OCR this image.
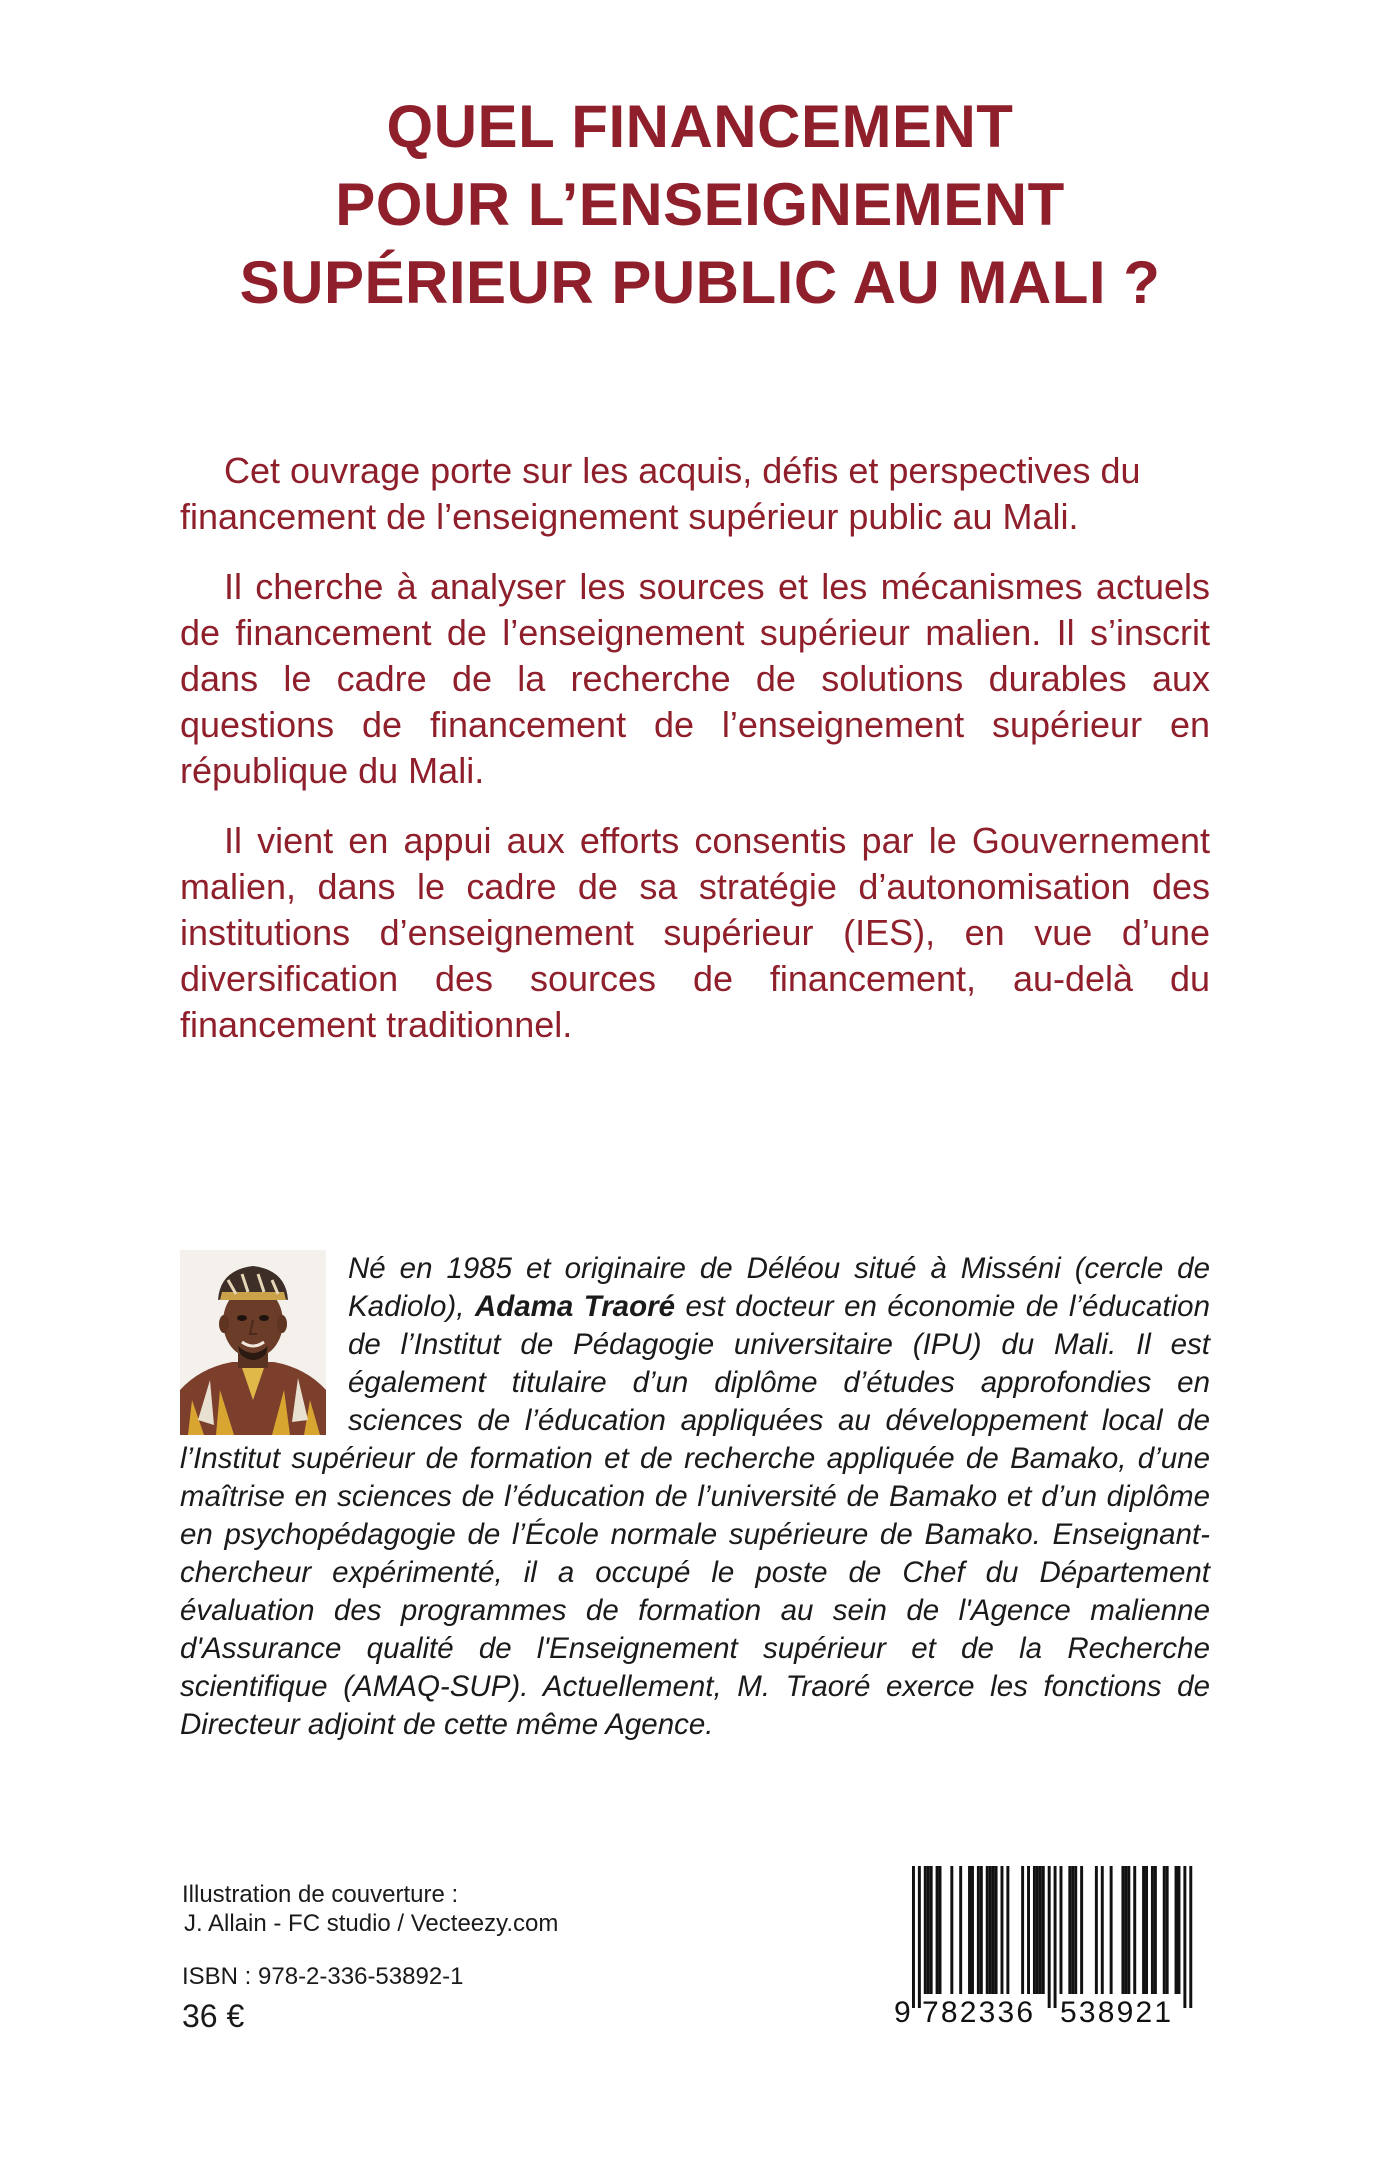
QUEL FINANCEMENT
POUR L’ENSEIGNEMENT
SUPÉRIEUR PUBLIC AU MALI ?

Cet ouvrage porte sur les acquis, défis et perspectives du financement de l’enseignement supérieur public au Mali.

Il cherche à analyser les sources et les mécanismes actuels de financement de l’enseignement supérieur malien. Il s’inscrit dans le cadre de la recherche de solutions durables aux questions de financement de l’enseignement supérieur en république du Mali.

Il vient en appui aux efforts consentis par le Gouvernement malien, dans le cadre de sa stratégie d’autonomisation des institutions d’enseignement supérieur (IES), en vue d’une diversification des sources de financement, au-delà du financement traditionnel.

Né en 1985 et originaire de Déléou situé à Misséni (cercle de Kadiolo), Adama Traoré est docteur en économie de l’éducation de l’Institut de Pédagogie universitaire (IPU) du Mali. Il est également titulaire d’un diplôme d’études approfondies en sciences de l’éducation appliquées au développement local de l’Institut supérieur de formation et de recherche appliquée de Bamako, d’une maîtrise en sciences de l’éducation de l’université de Bamako et d’un diplôme en psychopédagogie de l’École normale supérieure de Bamako. Enseignant-chercheur expérimenté, il a occupé le poste de Chef du Département évaluation des programmes de formation au sein de l'Agence malienne d'Assurance qualité de l'Enseignement supérieur et de la Recherche scientifique (AMAQ-SUP). Actuellement, M. Traoré exerce les fonctions de Directeur adjoint de cette même Agence.
Illustration de couverture :
J. Allain - FC studio / Vecteezy.com
ISBN : 978-2-336-53892-1
36 €	9 782336 538921
